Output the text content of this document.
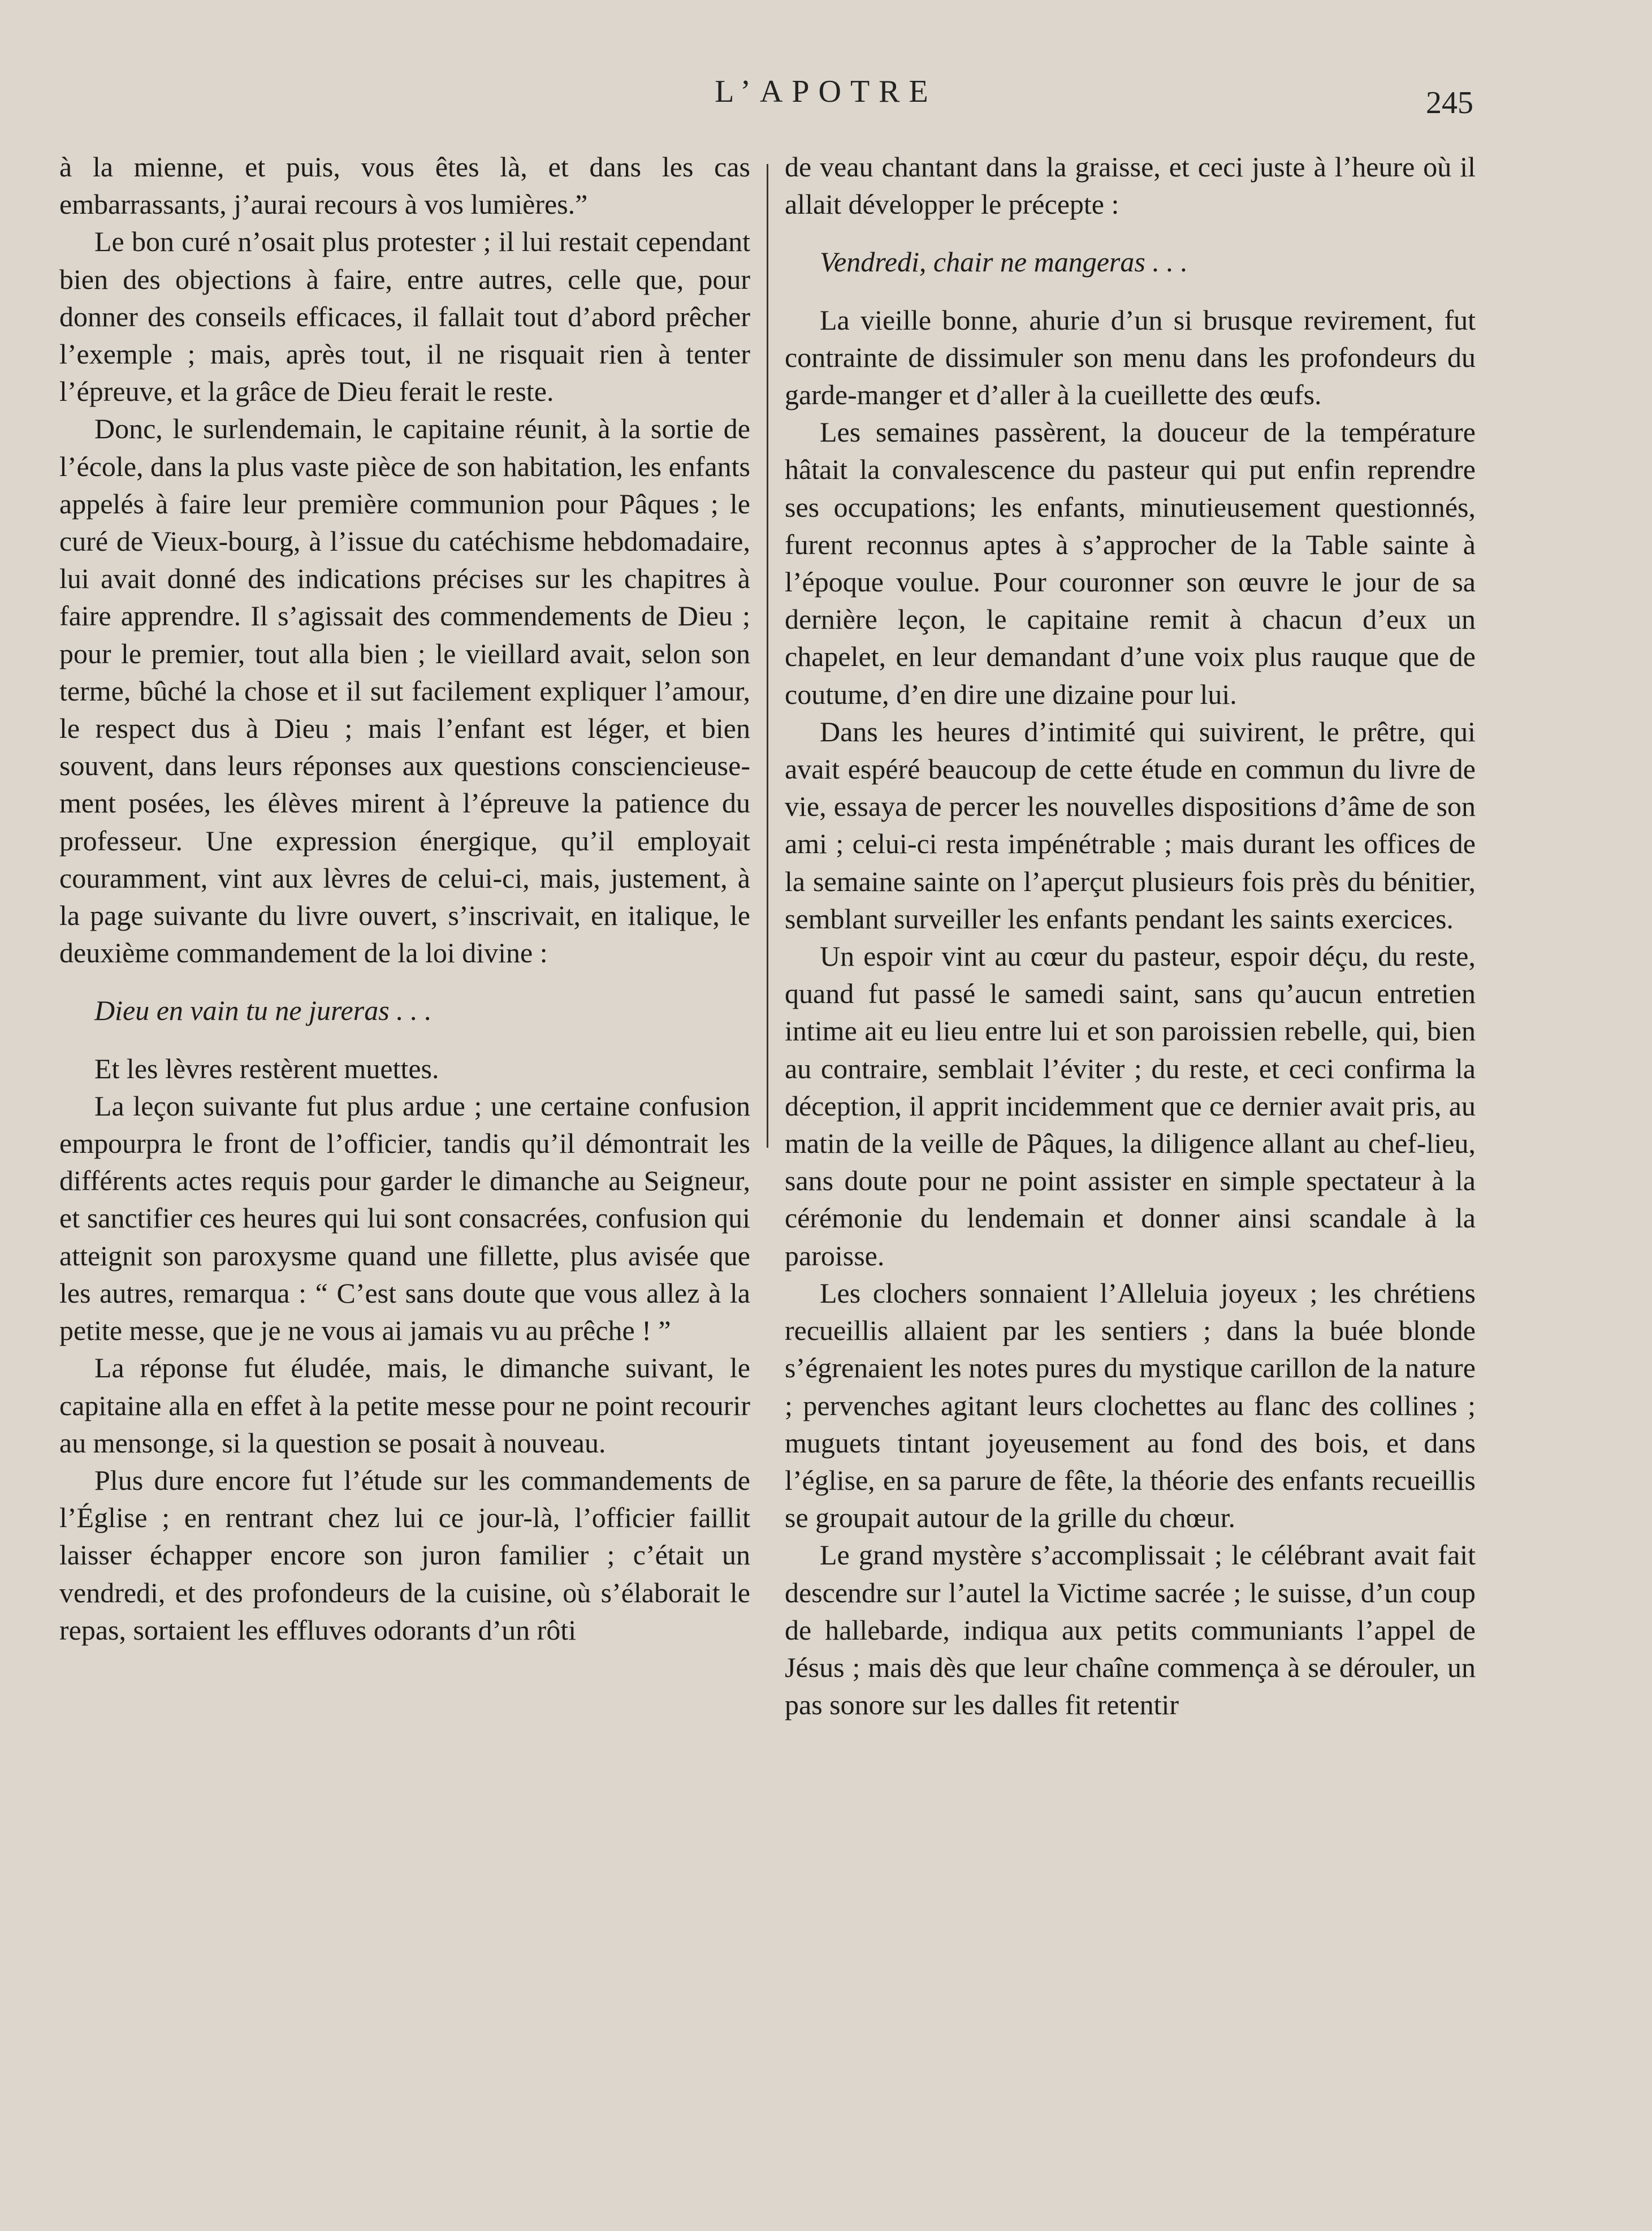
L’APOTRE	245

à la mienne, et puis, vous êtes là, et dans les cas embarrassants, j’aurai recours à vos lumières.”

Le bon curé n’osait plus protester ; il lui restait cependant bien des objections à faire, entre autres, celle que, pour donner des conseils efficaces, il fallait tout d’abord prêcher l’exemple ; mais, après tout, il ne risquait rien à tenter l’épreuve, et la grâce de Dieu ferait le reste.

Donc, le surlendemain, le capitaine réunit, à la sortie de l’école, dans la plus vaste pièce de son habitation, les enfants appelés à faire leur première communion pour Pâques ; le curé de Vieux-bourg, à l’issue du catéchisme hebdomadaire, lui avait donné des indications précises sur les chapitres à faire apprendre. Il s’agissait des commendements de Dieu ; pour le premier, tout alla bien ; le vieillard avait, selon son terme, bûché la chose et il sut facilement expliquer l’amour, le respect dus à Dieu ; mais l’enfant est léger, et bien souvent, dans leurs réponses aux questions consciencieusement posées, les élèves mirent à l’épreuve la patience du professeur. Une expression énergique, qu’il employait couramment, vint aux lèvres de celui-ci, mais, justement, à la page suivante du livre ouvert, s’inscrivait, en italique, le deuxième commandement de la loi divine :

Dieu en vain tu ne jureras . . .

Et les lèvres restèrent muettes.

La leçon suivante fut plus ardue ; une certaine confusion empourpra le front de l’officier, tandis qu’il démontrait les différents actes requis pour garder le dimanche au Seigneur, et sanctifier ces heures qui lui sont consacrées, confusion qui atteignit son paroxysme quand une fillette, plus avisée que les autres, remarqua : “ C’est sans doute que vous allez à la petite messe, que je ne vous ai jamais vu au prêche ! ”

La réponse fut éludée, mais, le dimanche suivant, le capitaine alla en effet à la petite messe pour ne point recourir au mensonge, si la question se posait à nouveau.

Plus dure encore fut l’étude sur les commandements de l’Église ; en rentrant chez lui ce jour-là, l’officier faillit laisser échapper encore son juron familier ; c’était un vendredi, et des profondeurs de la cuisine, où s’élaborait le repas, sortaient les effluves odorants d’un rôti

de veau chantant dans la graisse, et ceci juste à l’heure où il allait développer le précepte :

Vendredi, chair ne mangeras . . .

La vieille bonne, ahurie d’un si brusque revirement, fut contrainte de dissimuler son menu dans les profondeurs du garde-manger et d’aller à la cueillette des œufs.

Les semaines passèrent, la douceur de la température hâtait la convalescence du pasteur qui put enfin reprendre ses occupations; les enfants, minutieusement questionnés, furent reconnus aptes à s’approcher de la Table sainte à l’époque voulue. Pour couronner son œuvre le jour de sa dernière leçon, le capitaine remit à chacun d’eux un chapelet, en leur demandant d’une voix plus rauque que de coutume, d’en dire une dizaine pour lui.

Dans les heures d’intimité qui suivirent, le prêtre, qui avait espéré beaucoup de cette étude en commun du livre de vie, essaya de percer les nouvelles dispositions d’âme de son ami ; celui-ci resta impénétrable ; mais durant les offices de la semaine sainte on l’aperçut plusieurs fois près du bénitier, semblant surveiller les enfants pendant les saints exercices.

Un espoir vint au cœur du pasteur, espoir déçu, du reste, quand fut passé le samedi saint, sans qu’aucun entretien intime ait eu lieu entre lui et son paroissien rebelle, qui, bien au contraire, semblait l’éviter ; du reste, et ceci confirma la déception, il apprit incidemment que ce dernier avait pris, au matin de la veille de Pâques, la diligence allant au chef-lieu, sans doute pour ne point assister en simple spectateur à la cérémonie du lendemain et donner ainsi scandale à la paroisse.

Les clochers sonnaient l’Alleluia joyeux ; les chrétiens recueillis allaient par les sentiers ; dans la buée blonde s’égrenaient les notes pures du mystique carillon de la nature ; pervenches agitant leurs clochettes au flanc des collines ; muguets tintant joyeusement au fond des bois, et dans l’église, en sa parure de fête, la théorie des enfants recueillis se groupait autour de la grille du chœur.

Le grand mystère s’accomplissait ; le célébrant avait fait descendre sur l’autel la Victime sacrée ; le suisse, d’un coup de hallebarde, indiqua aux petits communiants l’appel de Jésus ; mais dès que leur chaîne commença à se dérouler, un pas sonore sur les dalles fit retentir
